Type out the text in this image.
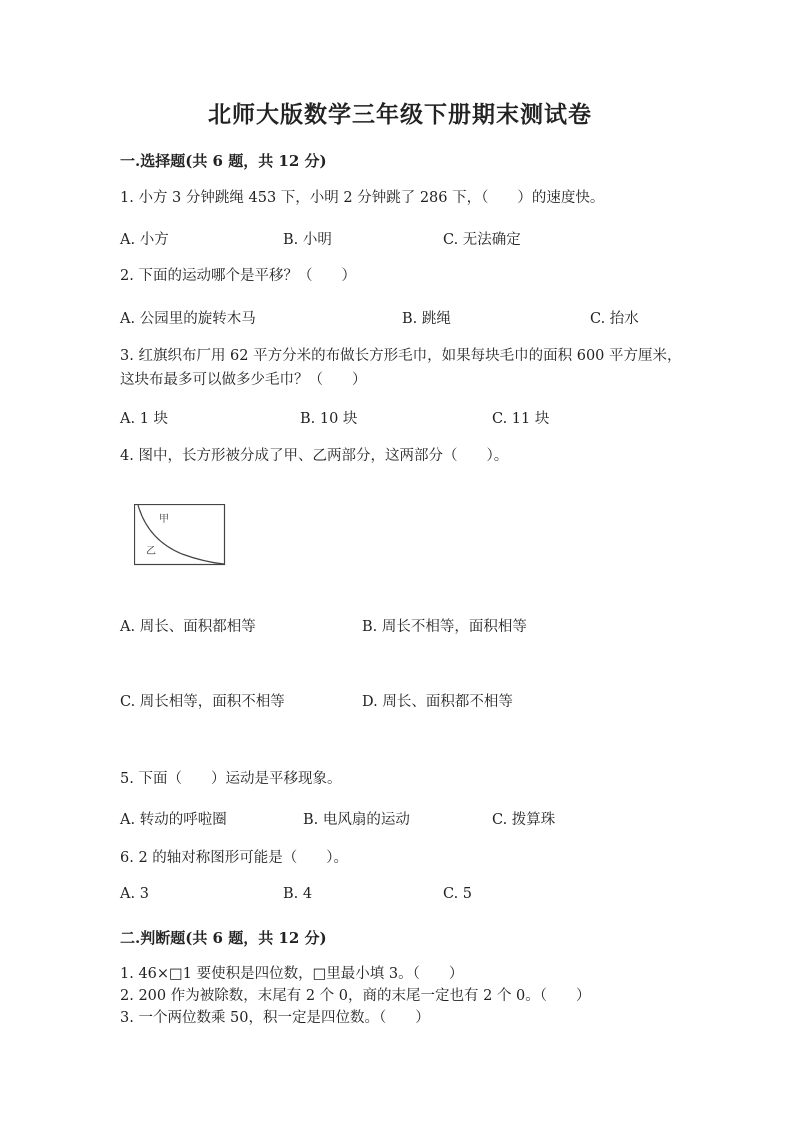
北师大版数学三年级下册期末测试卷
一.选择题(共 6 题，共 12 分)
1. 小方 3 分钟跳绳 453 下，小明 2 分钟跳了 286 下，（　　）的速度快。
A. 小方	B. 小明	C. 无法确定
2. 下面的运动哪个是平移？（　　）
A. 公园里的旋转木马	B. 跳绳	C. 抬水
3. 红旗织布厂用 62 平方分米的布做长方形毛巾，如果每块毛巾的面积 600 平方厘米，这块布最多可以做多少毛巾？（　　）
A. 1 块	B. 10 块	C. 11 块
4. 图中，长方形被分成了甲、乙两部分，这两部分（　　）。
甲
乙
A. 周长、面积都相等	B. 周长不相等，面积相等
C. 周长相等，面积不相等	D. 周长、面积都不相等
5. 下面（　　）运动是平移现象。
A. 转动的呼啦圈	B. 电风扇的运动	C. 拨算珠
6. 2 的轴对称图形可能是（　　）。
A. 3	B. 4	C. 5
二.判断题(共 6 题，共 12 分)
1. 46×□1 要使积是四位数，□里最小填 3。（　　）
2. 200 作为被除数，末尾有 2 个 0，商的末尾一定也有 2 个 0。（　　）
3. 一个两位数乘 50，积一定是四位数。（　　）
